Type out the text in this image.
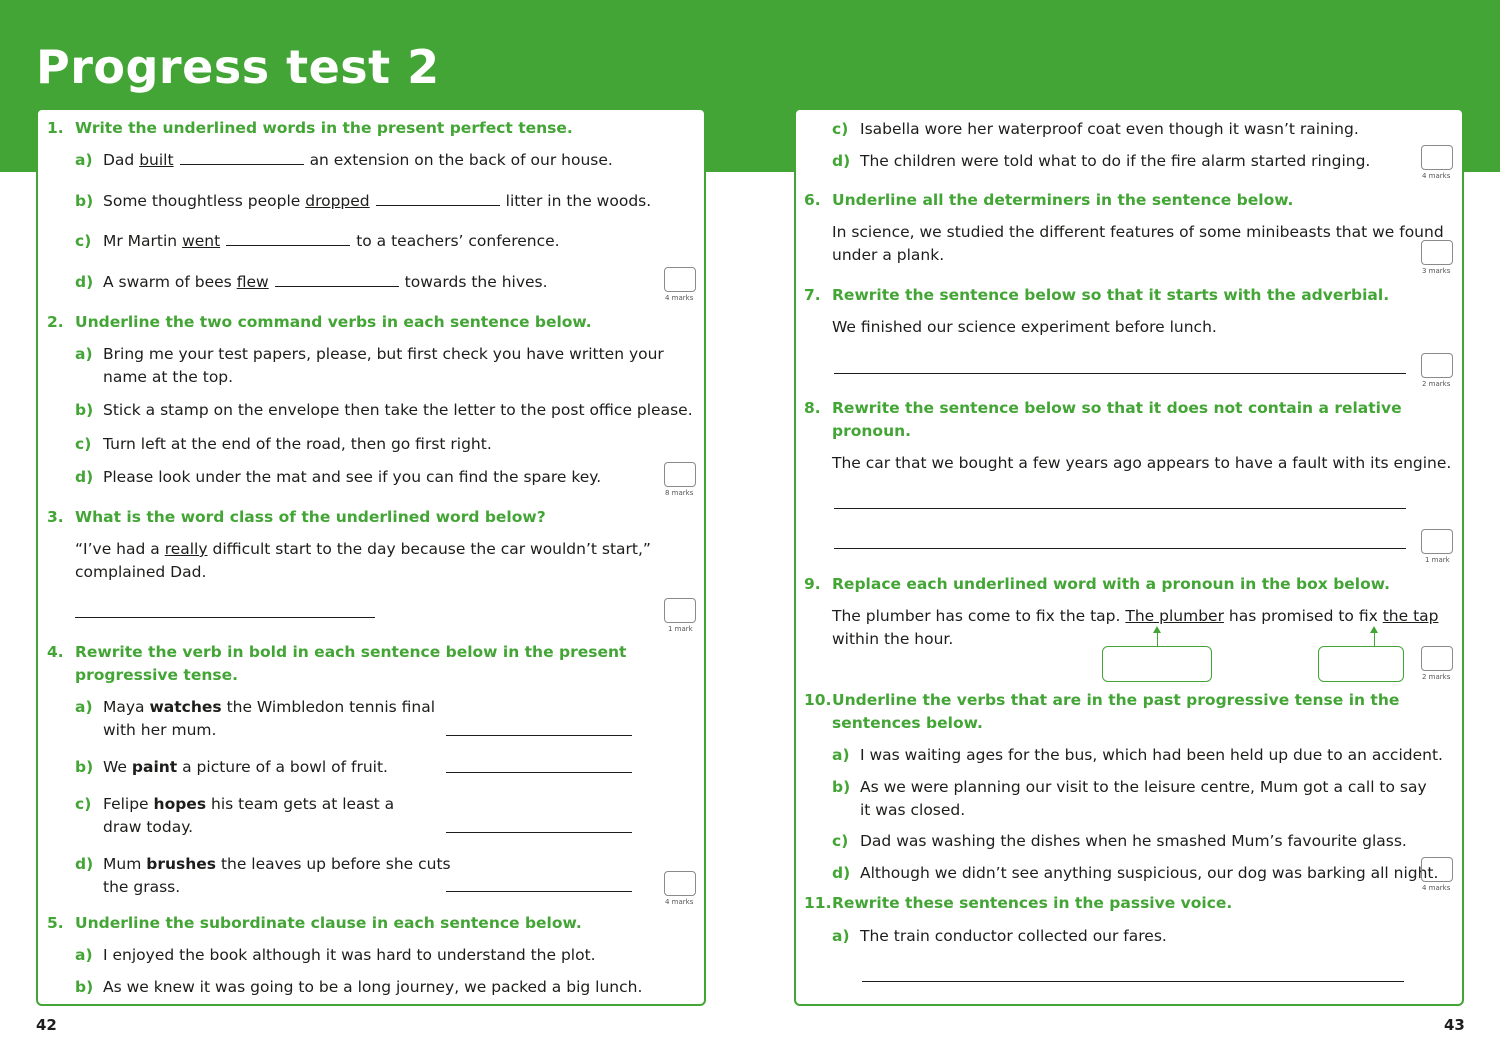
Progress test 2
1. Write the underlined words in the present perfect tense.
a) Dad built	an extension on the back of our house.
b) Some thoughtless people dropped	litter in the woods.
c) Mr Martin went	to a teachers’ conference.
d) A swarm of bees flew	towards the hives.
4 marks
2. Underline the two command verbs in each sentence below.
a) Bring me your test papers, please, but first check you have written your
name at the top.
b) Stick a stamp on the envelope then take the letter to the post office please.
c) Turn left at the end of the road, then go first right.
d) Please look under the mat and see if you can find the spare key.
8 marks
3. What is the word class of the underlined word below?
“I’ve had a really difficult start to the day because the car wouldn’t start,”
complained Dad.
1 mark
4. Rewrite the verb in bold in each sentence below in the present
progressive tense.
a) Maya watches the Wimbledon tennis final
with her mum.
b) We paint a picture of a bowl of fruit.
c) Felipe hopes his team gets at least a
draw today.
d) Mum brushes the leaves up before she cuts
the grass.
4 marks
5. Underline the subordinate clause in each sentence below.
a) I enjoyed the book although it was hard to understand the plot.
b) As we knew it was going to be a long journey, we packed a big lunch.
42
c) Isabella wore her waterproof coat even though it wasn’t raining.
d) The children were told what to do if the fire alarm started ringing.
4 marks
6. Underline all the determiners in the sentence below.
In science, we studied the different features of some minibeasts that we found
under a plank.
3 marks
7. Rewrite the sentence below so that it starts with the adverbial.
We finished our science experiment before lunch.
2 marks
8. Rewrite the sentence below so that it does not contain a relative
pronoun.
The car that we bought a few years ago appears to have a fault with its engine.
1 mark
9. Replace each underlined word with a pronoun in the box below.
The plumber has come to fix the tap. The plumber has promised to fix the tap
within the hour.
2 marks
10.Underline the verbs that are in the past progressive tense in the
sentences below.
a) I was waiting ages for the bus, which had been held up due to an accident.
b) As we were planning our visit to the leisure centre, Mum got a call to say
it was closed.
c) Dad was washing the dishes when he smashed Mum’s favourite glass.
d) Although we didn’t see anything suspicious, our dog was barking all night.
4 marks
11.Rewrite these sentences in the passive voice.
a) The train conductor collected our fares.
43
